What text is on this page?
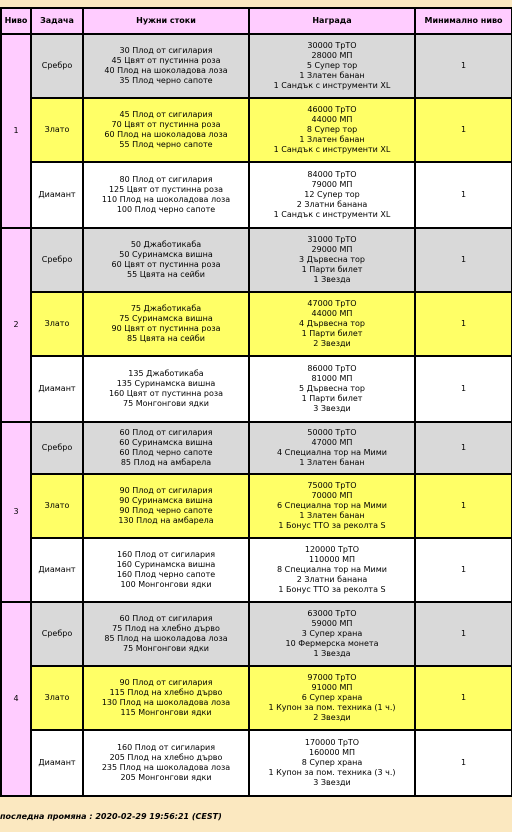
Ниво	Задача	Нужни стоки	Награда	Минимално ниво
1	Сребро	30 Плод от сигилария
45 Цвят от пустинна роза
40 Плод на шоколадова лоза
35 Плод черно сапоте	30000 ТрТО
28000 МП
5 Супер тор
1 Златен банан
1 Сандък с инструменти XL	1
	Злато	45 Плод от сигилария
70 Цвят от пустинна роза
60 Плод на шоколадова лоза
55 Плод черно сапоте	46000 ТрТО
44000 МП
8 Супер тор
1 Златен банан
1 Сандък с инструменти XL	1
	Диамант	80 Плод от сигилария
125 Цвят от пустинна роза
110 Плод на шоколадова лоза
100 Плод черно сапоте	84000 ТрТО
79000 МП
12 Супер тор
2 Златни банана
1 Сандък с инструменти XL	1
2	Сребро	50 Джаботикаба
50 Суринамска вишна
60 Цвят от пустинна роза
55 Цвята на сейби	31000 ТрТО
29000 МП
3 Дървесна тор
1 Парти билет
1 Звезда	1
	Злато	75 Джаботикаба
75 Суринамска вишна
90 Цвят от пустинна роза
85 Цвята на сейби	47000 ТрТО
44000 МП
4 Дървесна тор
1 Парти билет
2 Звезди	1
	Диамант	135 Джаботикаба
135 Суринамска вишна
160 Цвят от пустинна роза
75 Монгонгови ядки	86000 ТрТО
81000 МП
5 Дървесна тор
1 Парти билет
3 Звезди	1
3	Сребро	60 Плод от сигилария
60 Суринамска вишна
60 Плод черно сапоте
85 Плод на амбарела	50000 ТрТО
47000 МП
4 Специална тор на Мими
1 Златен банан	1
	Злато	90 Плод от сигилария
90 Суринамска вишна
90 Плод черно сапоте
130 Плод на амбарела	75000 ТрТО
70000 МП
6 Специална тор на Мими
1 Златен банан
1 Бонус ТТО за реколта S	1
	Диамант	160 Плод от сигилария
160 Суринамска вишна
160 Плод черно сапоте
100 Монгонгови ядки	120000 ТрТО
110000 МП
8 Специална тор на Мими
2 Златни банана
1 Бонус ТТО за реколта S	1
4	Сребро	60 Плод от сигилария
75 Плод на хлебно дърво
85 Плод на шоколадова лоза
75 Монгонгови ядки	63000 ТрТО
59000 МП
3 Супер храна
10 Фермерска монета
1 Звезда	1
	Злато	90 Плод от сигилария
115 Плод на хлебно дърво
130 Плод на шоколадова лоза
115 Монгонгови ядки	97000 ТрТО
91000 МП
6 Супер храна
1 Купон за пом. техника (1 ч.)
2 Звезди	1
	Диамант	160 Плод от сигилария
205 Плод на хлебно дърво
235 Плод на шоколадова лоза
205 Монгонгови ядки	170000 ТрТО
160000 МП
8 Супер храна
1 Купон за пом. техника (3 ч.)
3 Звезди	1
последна промяна : 2020-02-29 19:56:21 (CEST)
